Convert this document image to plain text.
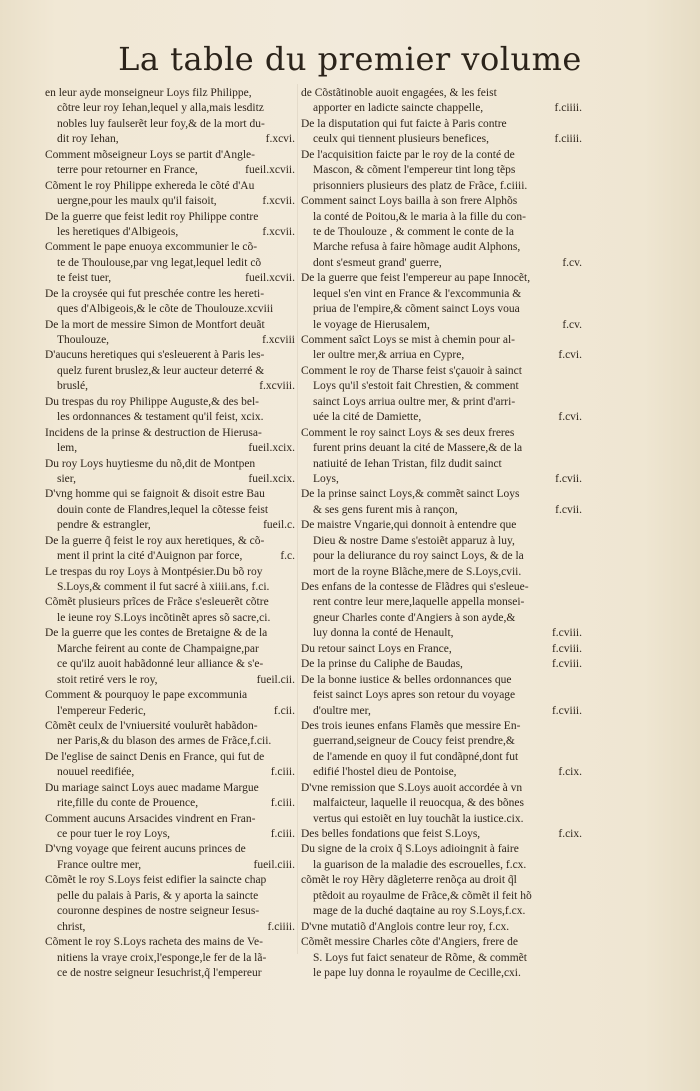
La table du premier volume
en leur ayde monseigneur Loys filz Philippe,
cõtre leur roy Iehan,lequel y alla,mais lesditz
nobles luy faulserẽt leur foy,& de la mort du-
dit roy Iehan,	f.xcvi.
Comment mõseigneur Loys se partit d'Angle-
terre pour retourner en France,	fueil.xcvii.
Cõment le roy Philippe exhereda le cõté d'Au
uergne,pour les maulx qu'il faisoit,	f.xcvii.
De la guerre que feist ledit roy Philippe contre
les heretiques d'Albigeois,	f.xcvii.
Comment le pape enuoya excommunier le cõ-
te de Thoulouse,par vng legat,lequel ledit cõ
te feist tuer,	fueil.xcvii.
De la croysée qui fut preschée contre les hereti-
ques d'Albigeois,& le cõte de Thoulouze.xcviii
De la mort de messire Simon de Montfort deuãt
Thoulouze,	f.xcviii
D'aucuns heretiques qui s'esleuerent à Paris les-
quelz furent bruslez,& leur aucteur deterré &
bruslé,	f.xcviii.
Du trespas du roy Philippe Auguste,& des bel-
les ordonnances & testament qu'il feist, xcix.
Incidens de la prinse & destruction de Hierusa-
lem,	fueil.xcix.
Du roy Loys huytiesme du nõ,dit de Montpen
sier,	fueil.xcix.
D'vng homme qui se faignoit & disoit estre Bau
douin conte de Flandres,lequel la cõtesse feist
pendre & estrangler,	fueil.c.
De la guerre q̃ feist le roy aux heretiques, & cõ-
ment il print la cité d'Auignon par force,	f.c.
Le trespas du roy Loys à Montpésier.Du bõ roy
S.Loys,& comment il fut sacré à xiiii.ans, f.ci.
Cõmẽt plusieurs prĩces de Frãce s'esleuerẽt cõtre
le ieune roy S.Loys incõtinẽt apres sõ sacre,ci.
De la guerre que les contes de Bretaigne & de la
Marche feirent au conte de Champaigne,par
ce qu'ilz auoit habãdonné leur alliance & s'e-
stoit retiré vers le roy,	fueil.cii.
Comment & pourquoy le pape excommunia
l'empereur Federic,	f.cii.
Cõmẽt ceulx de l'vniuersité voulurẽt habãdon-
ner Paris,& du blason des armes de Frãce,f.cii.
De l'eglise de sainct Denis en France, qui fut de
nouuel reedifiée,	f.ciii.
Du mariage sainct Loys auec madame Margue
rite,fille du conte de Prouence,	f.ciii.
Comment aucuns Arsacides vindrent en Fran-
ce pour tuer le roy Loys,	f.ciii.
D'vng voyage que feirent aucuns princes de
France oultre mer,	fueil.ciii.
Cõmẽt le roy S.Loys feist edifier la saincte chap
pelle du palais à Paris, & y aporta la saincte
couronne despines de nostre seigneur Iesus-
christ,	f.ciiii.
Cõment le roy S.Loys racheta des mains de Ve-
nitiens la vraye croix,l'esponge,le fer de la lã-
ce de nostre seigneur Iesuchrist,q̃ l'empereur
de Cõstãtinoble auoit engagées, & les feist
apporter en ladicte saincte chappelle,	f.ciiii.
De la disputation qui fut faicte à Paris contre
ceulx qui tiennent plusieurs benefices,	f.ciiii.
De l'acquisition faicte par le roy de la conté de
Mascon, & cõment l'empereur tint long tẽps
prisonniers plusieurs des platz de Frãce, f.ciiii.
Comment sainct Loys bailla à son frere Alphõs
la conté de Poitou,& le maria à la fille du con-
te de Thoulouze , & comment le conte de la
Marche refusa à faire hõmage audit Alphons,
dont s'esmeut grand' guerre,	f.cv.
De la guerre que feist l'empereur au pape Innocẽt,
lequel s'en vint en France & l'excommunia &
priua de l'empire,& cõment sainct Loys voua
le voyage de Hierusalem,	f.cv.
Comment saĩct Loys se mist à chemin pour al-
ler oultre mer,& arriua en Cypre,	f.cvi.
Comment le roy de Tharse feist s'çauoir à sainct
Loys qu'il s'estoit fait Chrestien, & comment
sainct Loys arriua oultre mer, & print d'arri-
uée la cité de Damiette,	f.cvi.
Comment le roy sainct Loys & ses deux freres
furent prins deuant la cité de Massere,& de la
natiuité de Iehan Tristan, filz dudit sainct
Loys,	f.cvii.
De la prinse sainct Loys,& commẽt sainct Loys
& ses gens furent mis à rançon,	f.cvii.
De maistre Vngarie,qui donnoit à entendre que
Dieu & nostre Dame s'estoiẽt apparuz à luy,
pour la deliurance du roy sainct Loys, & de la
mort de la royne Blãche,mere de S.Loys,cvii.
Des enfans de la contesse de Flãdres qui s'esleue-
rent contre leur mere,laquelle appella monsei-
gneur Charles conte d'Angiers à son ayde,&
luy donna la conté de Henault,	f.cviii.
Du retour sainct Loys en France,	f.cviii.
De la prinse du Caliphe de Baudas,	f.cviii.
De la bonne iustice & belles ordonnances que
feist sainct Loys apres son retour du voyage
d'oultre mer,	f.cviii.
Des trois ieunes enfans Flamẽs que messire En-
guerrand,seigneur de Coucy feist prendre,&
de l'amende en quoy il fut condãpné,dont fut
edifié l'hostel dieu de Pontoise,	f.cix.
D'vne remission que S.Loys auoit accordée à vn
malfaicteur, laquelle il reuocqua, & des bõnes
vertus qui estoiẽt en luy touchãt la iustice.cix.
Des belles fondations que feist S.Loys,	f.cix.
Du signe de la croix q̃ S.Loys adioingnit à faire
la guarison de la maladie des escrouelles, f.cx.
cõmẽt le roy Hẽry dãgleterre renõça au droit q̃l
ptẽdoit au royaulme de Frãce,& cõmẽt il feit hõ
mage de la duché daqtaine au roy S.Loys,f.cx.
D'vne mutatiõ d'Anglois contre leur roy, f.cx.
Cõmẽt messire Charles cõte d'Angiers, frere de
S. Loys fut faict senateur de Rõme, & commẽt
le pape luy donna le royaulme de Cecille,cxi.
